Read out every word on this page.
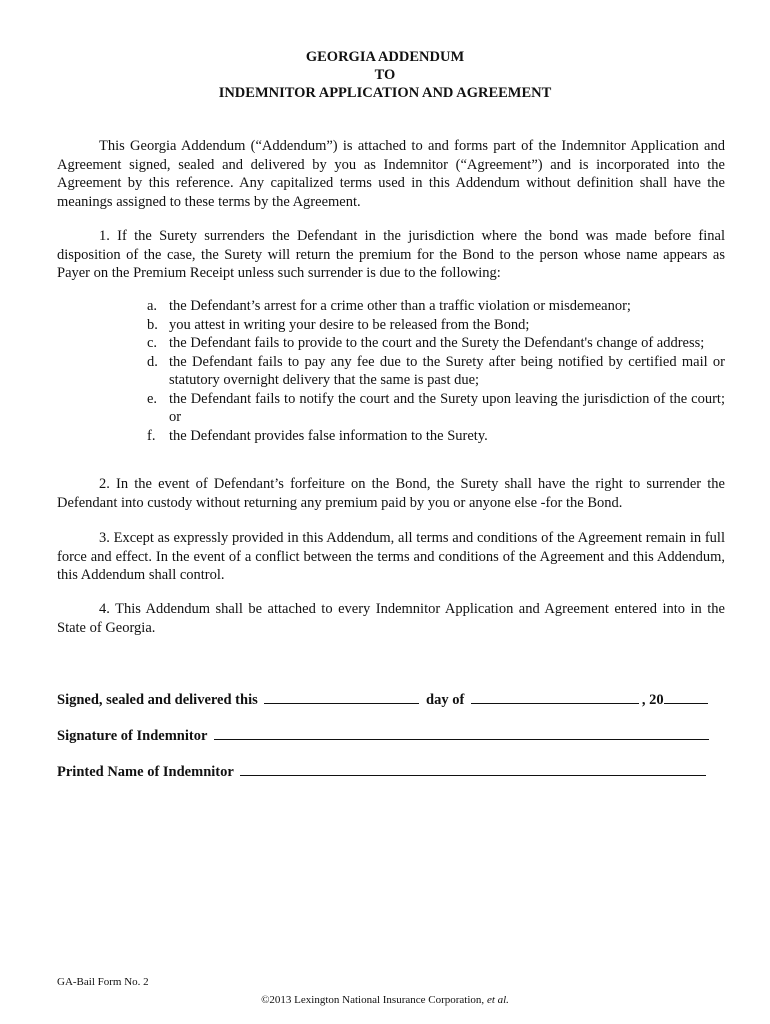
GEORGIA ADDENDUM
TO
INDEMNITOR APPLICATION AND AGREEMENT

This Georgia Addendum (“Addendum”) is attached to and forms part of the Indemnitor Application and Agreement signed, sealed and delivered by you as Indemnitor (“Agreement”) and is incorporated into the Agreement by this reference. Any capitalized terms used in this Addendum without definition shall have the meanings assigned to these terms by the Agreement.

1. If the Surety surrenders the Defendant in the jurisdiction where the bond was made before final disposition of the case, the Surety will return the premium for the Bond to the person whose name appears as Payer on the Premium Receipt unless such surrender is due to the following:

a. the Defendant’s arrest for a crime other than a traffic violation or misdemeanor;
b. you attest in writing your desire to be released from the Bond;
c. the Defendant fails to provide to the court and the Surety the Defendant's change of address;
d. the Defendant fails to pay any fee due to the Surety after being notified by certified mail or statutory overnight delivery that the same is past due;
e. the Defendant fails to notify the court and the Surety upon leaving the jurisdiction of the court; or
f. the Defendant provides false information to the Surety.

2. In the event of Defendant’s forfeiture on the Bond, the Surety shall have the right to surrender the Defendant into custody without returning any premium paid by you or anyone else -for the Bond.

3. Except as expressly provided in this Addendum, all terms and conditions of the Agreement remain in full force and effect. In the event of a conflict between the terms and conditions of the Agreement and this Addendum, this Addendum shall control.

4. This Addendum shall be attached to every Indemnitor Application and Agreement entered into in the State of Georgia.

Signed, sealed and delivered this	day of	, 20
Signature of Indemnitor
Printed Name of Indemnitor
GA-Bail Form No. 2
©2013 Lexington National Insurance Corporation, et al.
